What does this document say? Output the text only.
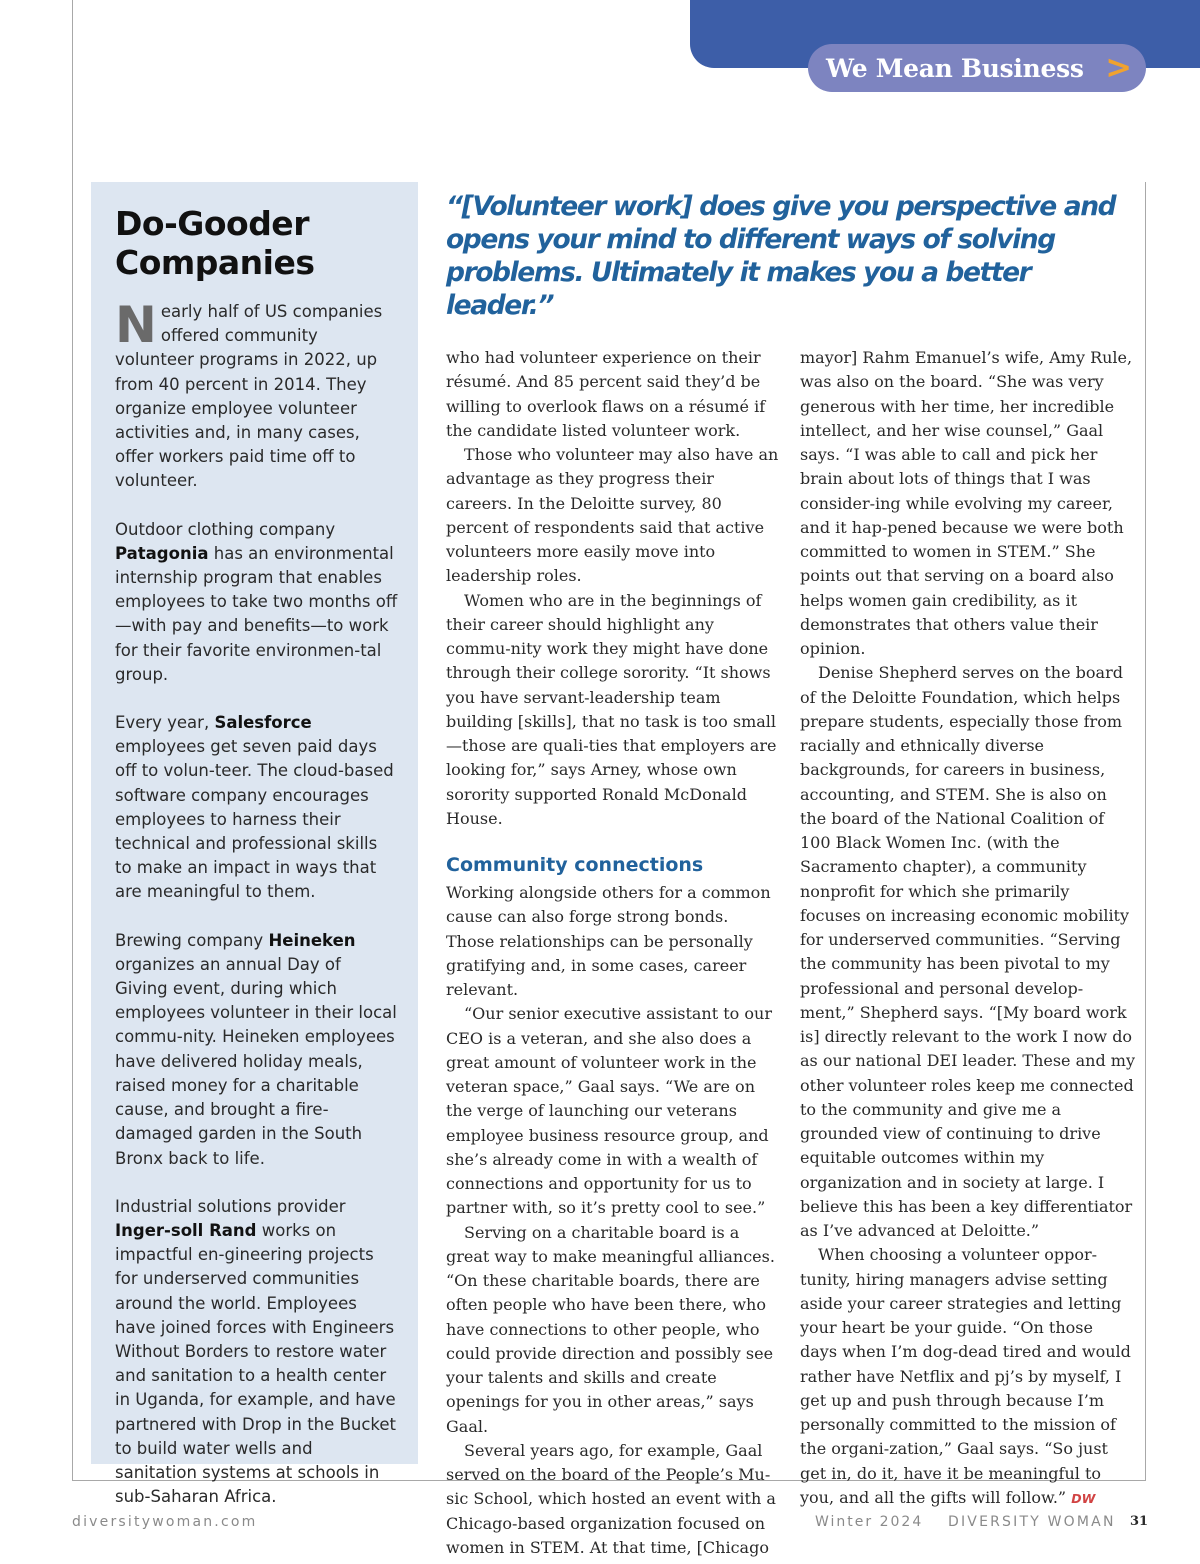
We Mean Business >
Do-Gooder Companies

Nearly half of US companies offered community volunteer programs in 2022, up from 40 percent in 2014. They organize employee volunteer activities and, in many cases, offer workers paid time off to volunteer.

Outdoor clothing company Patagonia has an environmental internship program that enables employees to take two months off—with pay and benefits—to work for their favorite environmen-tal group.

Every year, Salesforce employees get seven paid days off to volun-teer. The cloud-based software company encourages employees to harness their technical and professional skills to make an impact in ways that are meaningful to them.

Brewing company Heineken organizes an annual Day of Giving event, during which employees volunteer in their local commu-nity. Heineken employees have delivered holiday meals, raised money for a charitable cause, and brought a fire-damaged garden in the South Bronx back to life.

Industrial solutions provider Inger-soll Rand works on impactful en-gineering projects for underserved communities around the world. Employees have joined forces with Engineers Without Borders to restore water and sanitation to a health center in Uganda, for example, and have partnered with Drop in the Bucket to build water wells and sanitation systems at schools in sub-Saharan Africa.

“[Volunteer work] does give you perspective and opens your mind to different ways of solving problems. Ultimately it makes you a better leader.”

who had volunteer experience on their résumé. And 85 percent said they’d be willing to overlook flaws on a résumé if the candidate listed volunteer work.

Those who volunteer may also have an advantage as they progress their careers. In the Deloitte survey, 80 percent of respondents said that active volunteers more easily move into leadership roles.

Women who are in the beginnings of their career should highlight any commu-nity work they might have done through their college sorority. “It shows you have servant-leadership team building [skills], that no task is too small—those are quali-ties that employers are looking for,” says Arney, whose own sorority supported Ronald McDonald House.

Community connections

Working alongside others for a common cause can also forge strong bonds. Those relationships can be personally gratifying and, in some cases, career relevant.

“Our senior executive assistant to our CEO is a veteran, and she also does a great amount of volunteer work in the veteran space,” Gaal says. “We are on the verge of launching our veterans employee business resource group, and she’s already come in with a wealth of connections and opportunity for us to partner with, so it’s pretty cool to see.”

Serving on a charitable board is a great way to make meaningful alliances. “On these charitable boards, there are often people who have been there, who have connections to other people, who could provide direction and possibly see your talents and skills and create openings for you in other areas,” says Gaal.

Several years ago, for example, Gaal served on the board of the People’s Mu-sic School, which hosted an event with a Chicago-based organization focused on women in STEM. At that time, [Chicago

mayor] Rahm Emanuel’s wife, Amy Rule, was also on the board. “She was very generous with her time, her incredible intellect, and her wise counsel,” Gaal says. “I was able to call and pick her brain about lots of things that I was consider-ing while evolving my career, and it hap-pened because we were both committed to women in STEM.” She points out that serving on a board also helps women gain credibility, as it demonstrates that others value their opinion.

Denise Shepherd serves on the board of the Deloitte Foundation, which helps prepare students, especially those from racially and ethnically diverse backgrounds, for careers in business, accounting, and STEM. She is also on the board of the National Coalition of 100 Black Women Inc. (with the Sacramento chapter), a community nonprofit for which she primarily focuses on increasing economic mobility for underserved communities. “Serving the community has been pivotal to my professional and personal develop-ment,” Shepherd says. “[My board work is] directly relevant to the work I now do as our national DEI leader. These and my other volunteer roles keep me connected to the community and give me a grounded view of continuing to drive equitable outcomes within my organization and in society at large. I believe this has been a key differentiator as I’ve advanced at Deloitte.”

When choosing a volunteer oppor-tunity, hiring managers advise setting aside your career strategies and letting your heart be your guide. “On those days when I’m dog-dead tired and would rather have Netflix and pj’s by myself, I get up and push through because I’m personally committed to the mission of the organi-zation,” Gaal says. “So just get in, do it, have it be meaningful to you, and all the gifts will follow.” DW

diversitywoman.com	Winter 2024 DIVERSITY WOMAN 31
